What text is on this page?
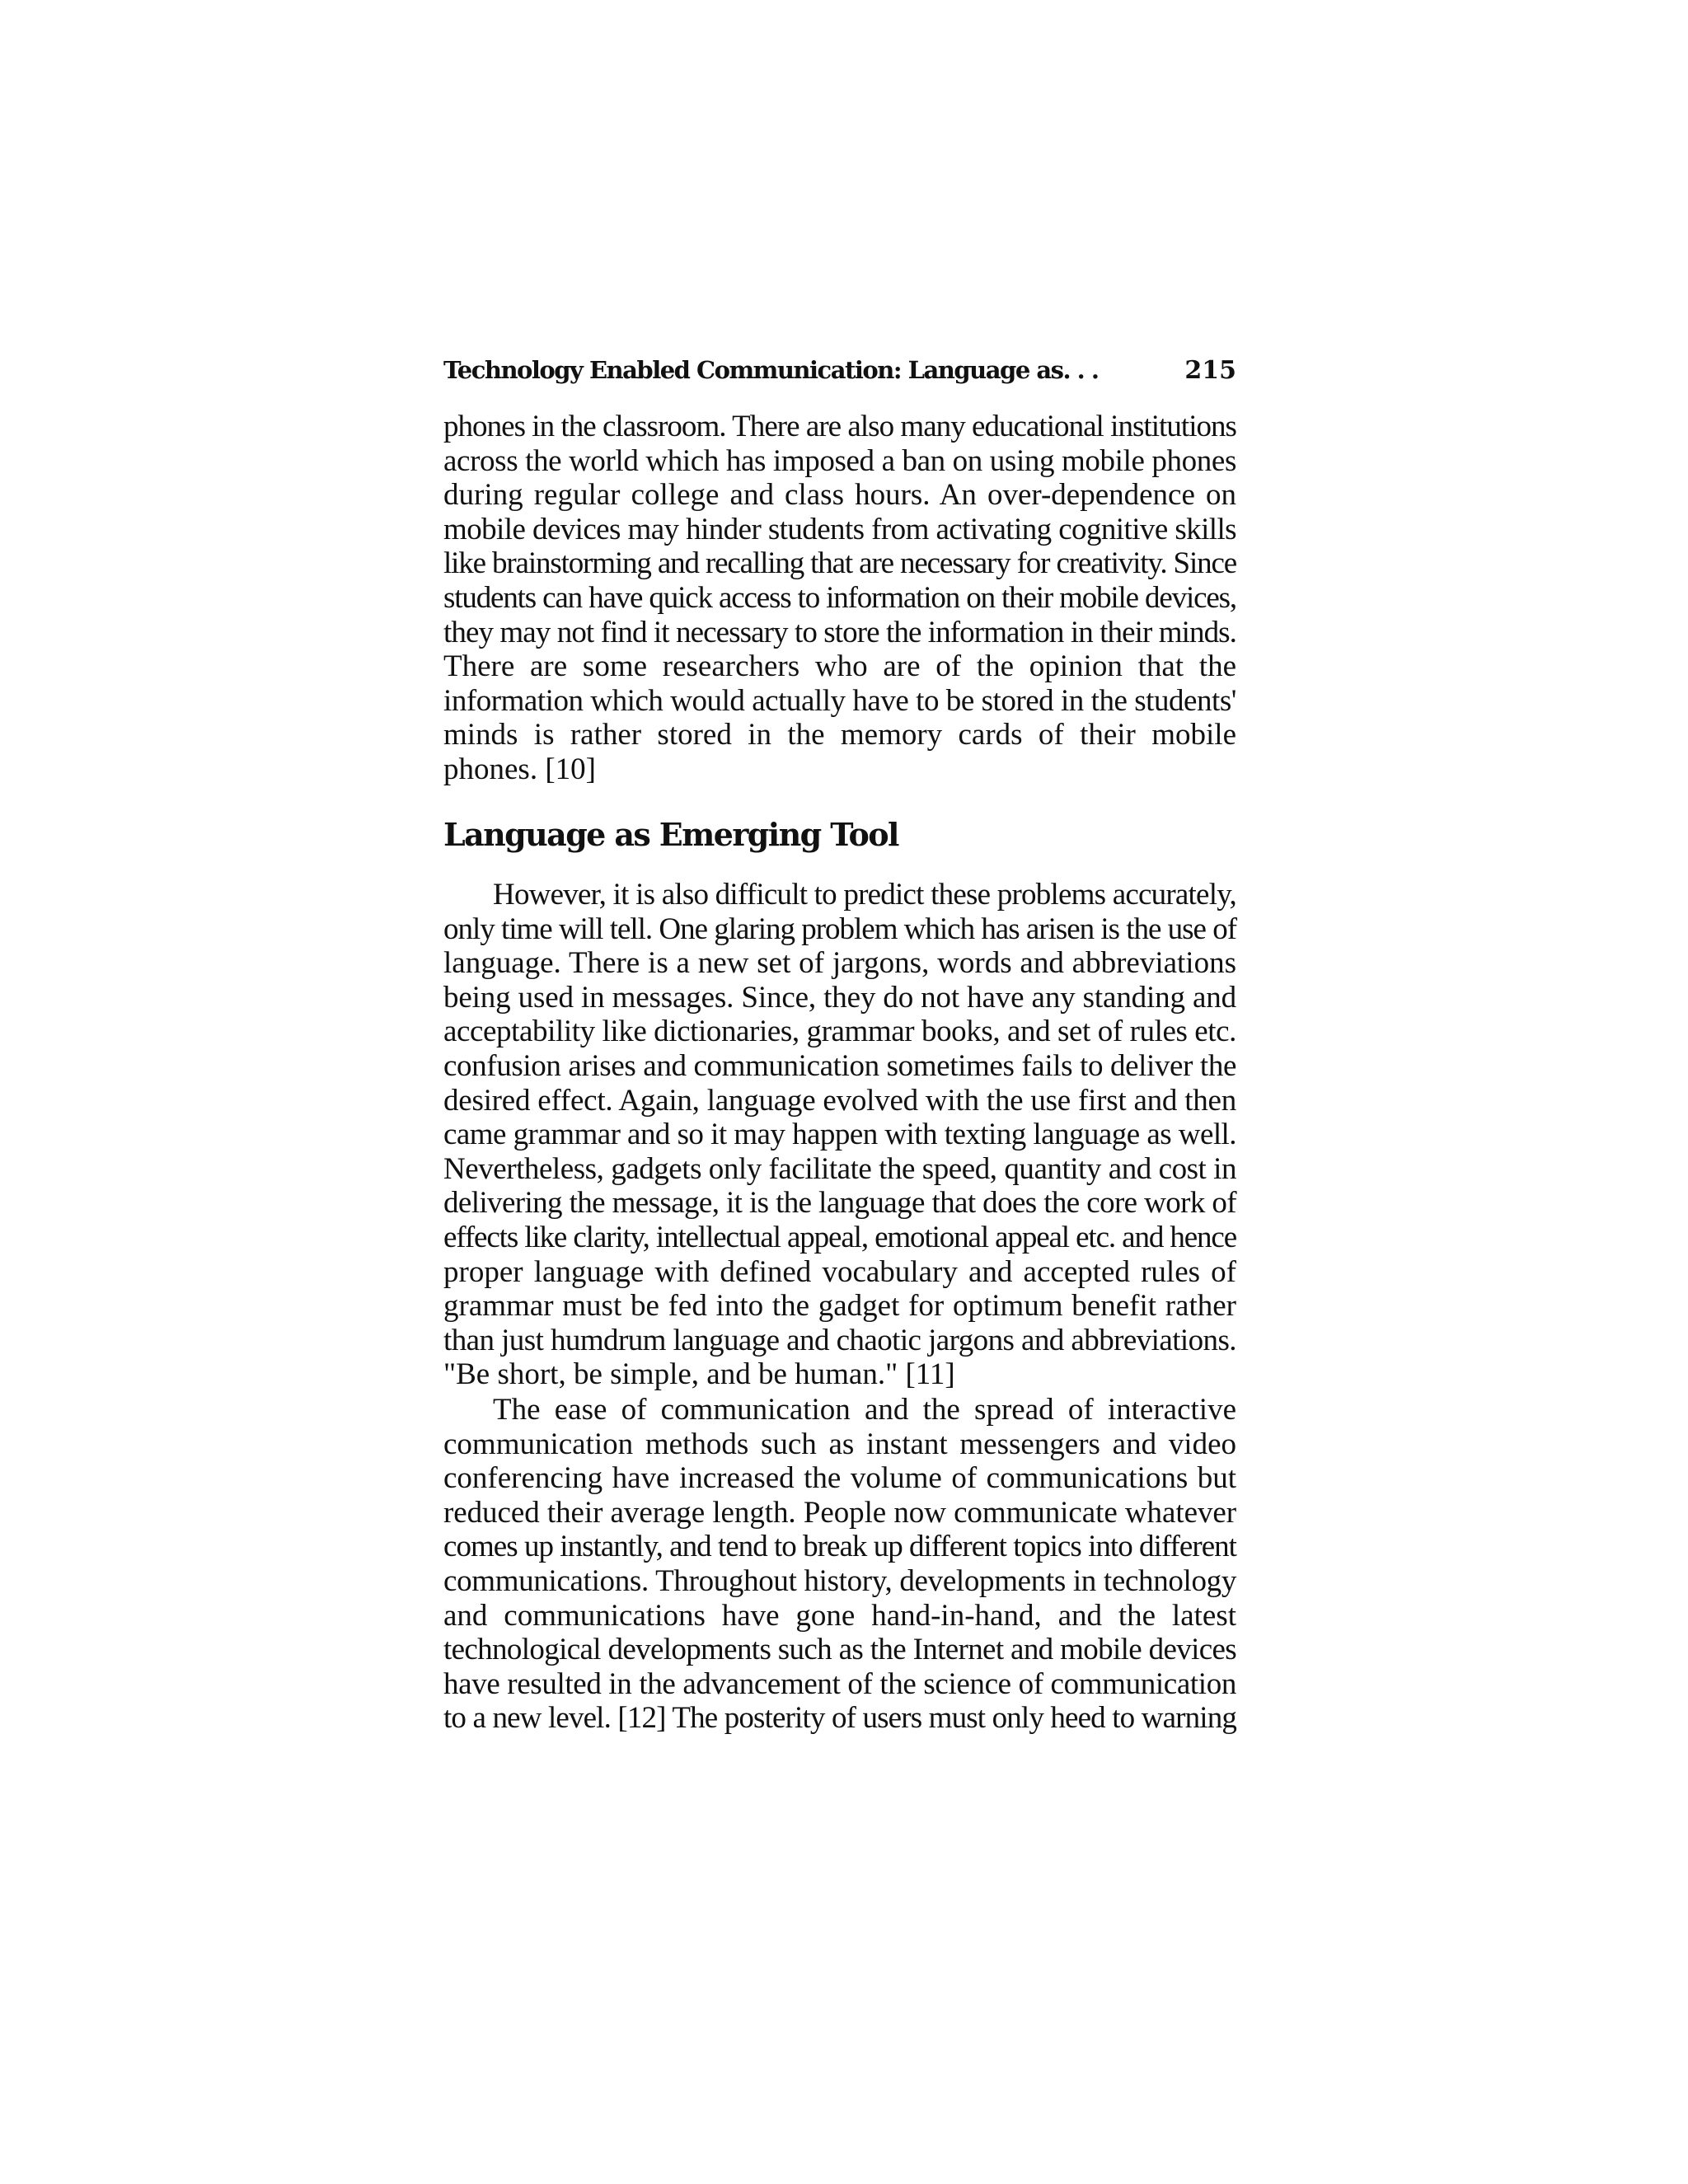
Technology Enabled Communication: Language as. . .	215
phones in the classroom. There are also many educational institutions
across the world which has imposed a ban on using mobile phones
during regular college and class hours. An over-dependence on
mobile devices may hinder students from activating cognitive skills
like brainstorming and recalling that are necessary for creativity. Since
students can have quick access to information on their mobile devices,
they may not find it necessary to store the information in their minds.
There are some researchers who are of the opinion that the
information which would actually have to be stored in the students'
minds is rather stored in the memory cards of their mobile
phones. [10]
Language as Emerging Tool
However, it is also difficult to predict these problems accurately,
only time will tell. One glaring problem which has arisen is the use of
language. There is a new set of jargons, words and abbreviations
being used in messages. Since, they do not have any standing and
acceptability like dictionaries, grammar books, and set of rules etc.
confusion arises and communication sometimes fails to deliver the
desired effect. Again, language evolved with the use first and then
came grammar and so it may happen with texting language as well.
Nevertheless, gadgets only facilitate the speed, quantity and cost in
delivering the message, it is the language that does the core work of
effects like clarity, intellectual appeal, emotional appeal etc. and hence
proper language with defined vocabulary and accepted rules of
grammar must be fed into the gadget for optimum benefit rather
than just humdrum language and chaotic jargons and abbreviations.
"Be short, be simple, and be human." [11]
The ease of communication and the spread of interactive
communication methods such as instant messengers and video
conferencing have increased the volume of communications but
reduced their average length. People now communicate whatever
comes up instantly, and tend to break up different topics into different
communications. Throughout history, developments in technology
and communications have gone hand-in-hand, and the latest
technological developments such as the Internet and mobile devices
have resulted in the advancement of the science of communication
to a new level. [12] The posterity of users must only heed to warning
